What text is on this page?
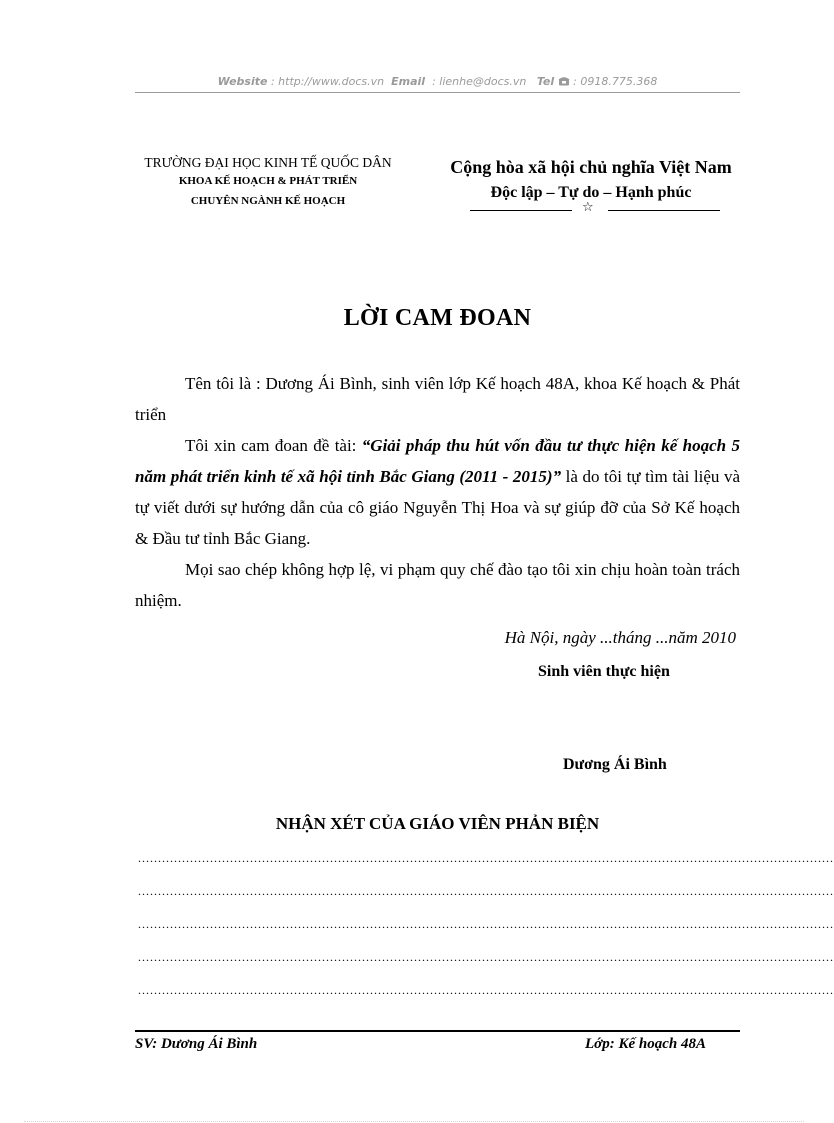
Website : http://www.docs.vn Email : lienhe@docs.vn Tel : 0918.775.368
TRƯỜNG ĐẠI HỌC KINH TẾ QUỐC DÂN
KHOA KẾ HOẠCH & PHÁT TRIỂN
CHUYÊN NGÀNH KẾ HOẠCH
Cộng hòa xã hội chủ nghĩa Việt Nam
Độc lập – Tự do – Hạnh phúc
☆
LỜI CAM ĐOAN

Tên tôi là : Dương Ái Bình, sinh viên lớp Kế hoạch 48A, khoa Kế hoạch & Phát triển

Tôi xin cam đoan đề tài: “Giải pháp thu hút vốn đầu tư thực hiện kế hoạch 5 năm phát triển kinh tế xã hội tỉnh Bắc Giang (2011 - 2015)” là do tôi tự tìm tài liệu và tự viết dưới sự hướng dẫn của cô giáo Nguyễn Thị Hoa và sự giúp đỡ của Sở Kế hoạch & Đầu tư tỉnh Bắc Giang.

Mọi sao chép không hợp lệ, vi phạm quy chế đào tạo tôi xin chịu hoàn toàn trách nhiệm.

Hà Nội, ngày ...tháng ...năm 2010
Sinh viên thực hiện
Dương Ái Bình
NHẬN XÉT CỦA GIÁO VIÊN PHẢN BIỆN
..............................................................................................................................................................................
..............................................................................................................................................................................
..............................................................................................................................................................................
..............................................................................................................................................................................
..............................................................................................................................................................................
SV: Dương Ái Bình	Lớp: Kế hoạch 48A
